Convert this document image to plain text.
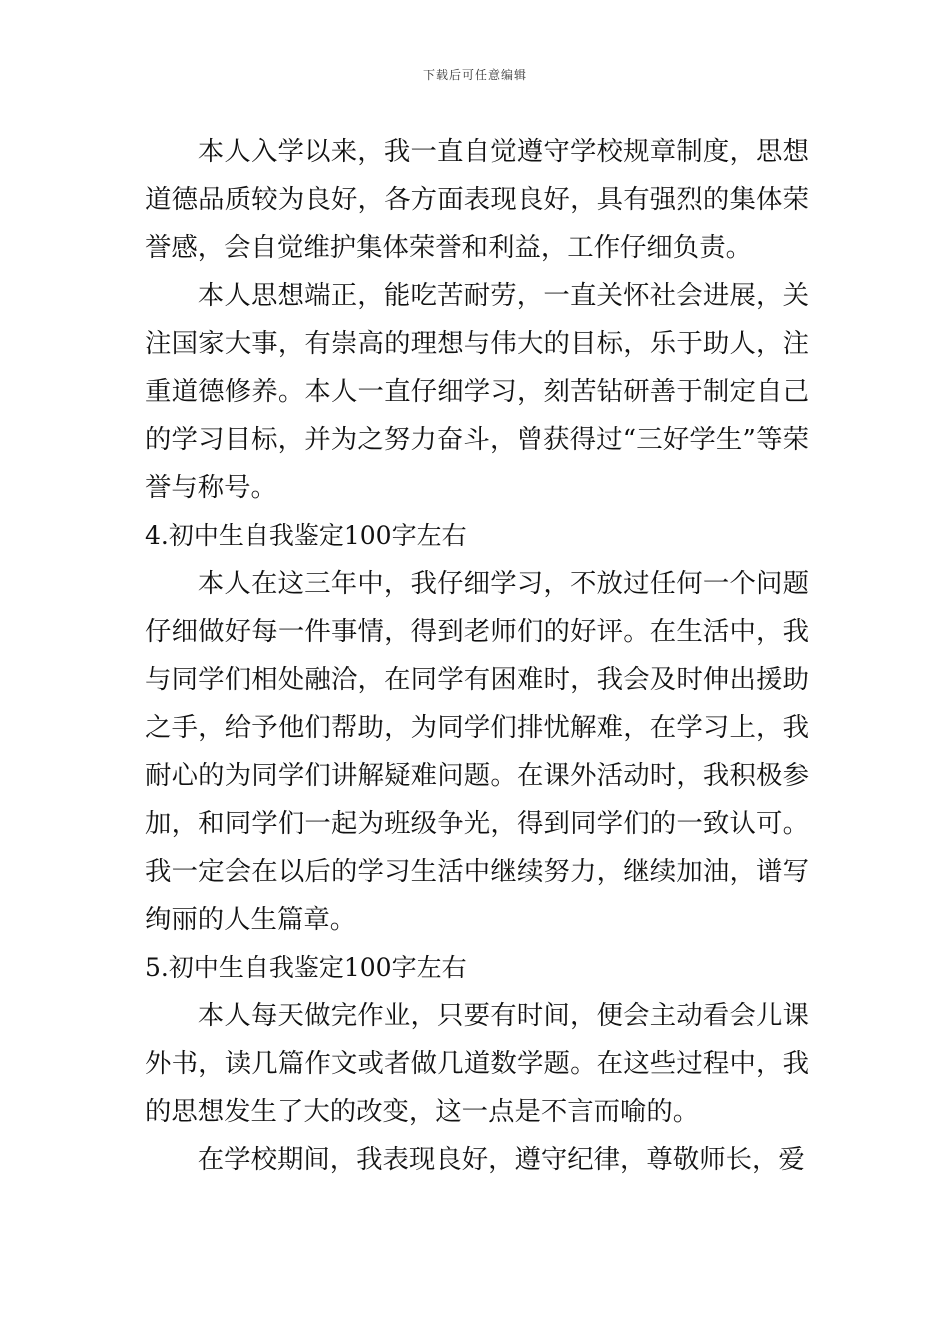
下载后可任意编辑

本人入学以来，我一直自觉遵守学校规章制度，思想道德品质较为良好，各方面表现良好，具有强烈的集体荣誉感，会自觉维护集体荣誉和利益，工作仔细负责。

本人思想端正，能吃苦耐劳，一直关怀社会进展，关注国家大事，有崇高的理想与伟大的目标，乐于助人，注重道德修养。本人一直仔细学习，刻苦钻研善于制定自己的学习目标，并为之努力奋斗，曾获得过“三好学生”等荣誉与称号。

4.初中生自我鉴定100字左右

本人在这三年中，我仔细学习，不放过任何一个问题仔细做好每一件事情，得到老师们的好评。在生活中，我与同学们相处融洽，在同学有困难时，我会及时伸出援助之手，给予他们帮助，为同学们排忧解难，在学习上，我耐心的为同学们讲解疑难问题。在课外活动时，我积极参加，和同学们一起为班级争光，得到同学们的一致认可。我一定会在以后的学习生活中继续努力，继续加油，谱写绚丽的人生篇章。

5.初中生自我鉴定100字左右

本人每天做完作业，只要有时间，便会主动看会儿课外书，读几篇作文或者做几道数学题。在这些过程中，我的思想发生了大的改变，这一点是不言而喻的。

在学校期间，我表现良好，遵守纪律，尊敬师长，爱
